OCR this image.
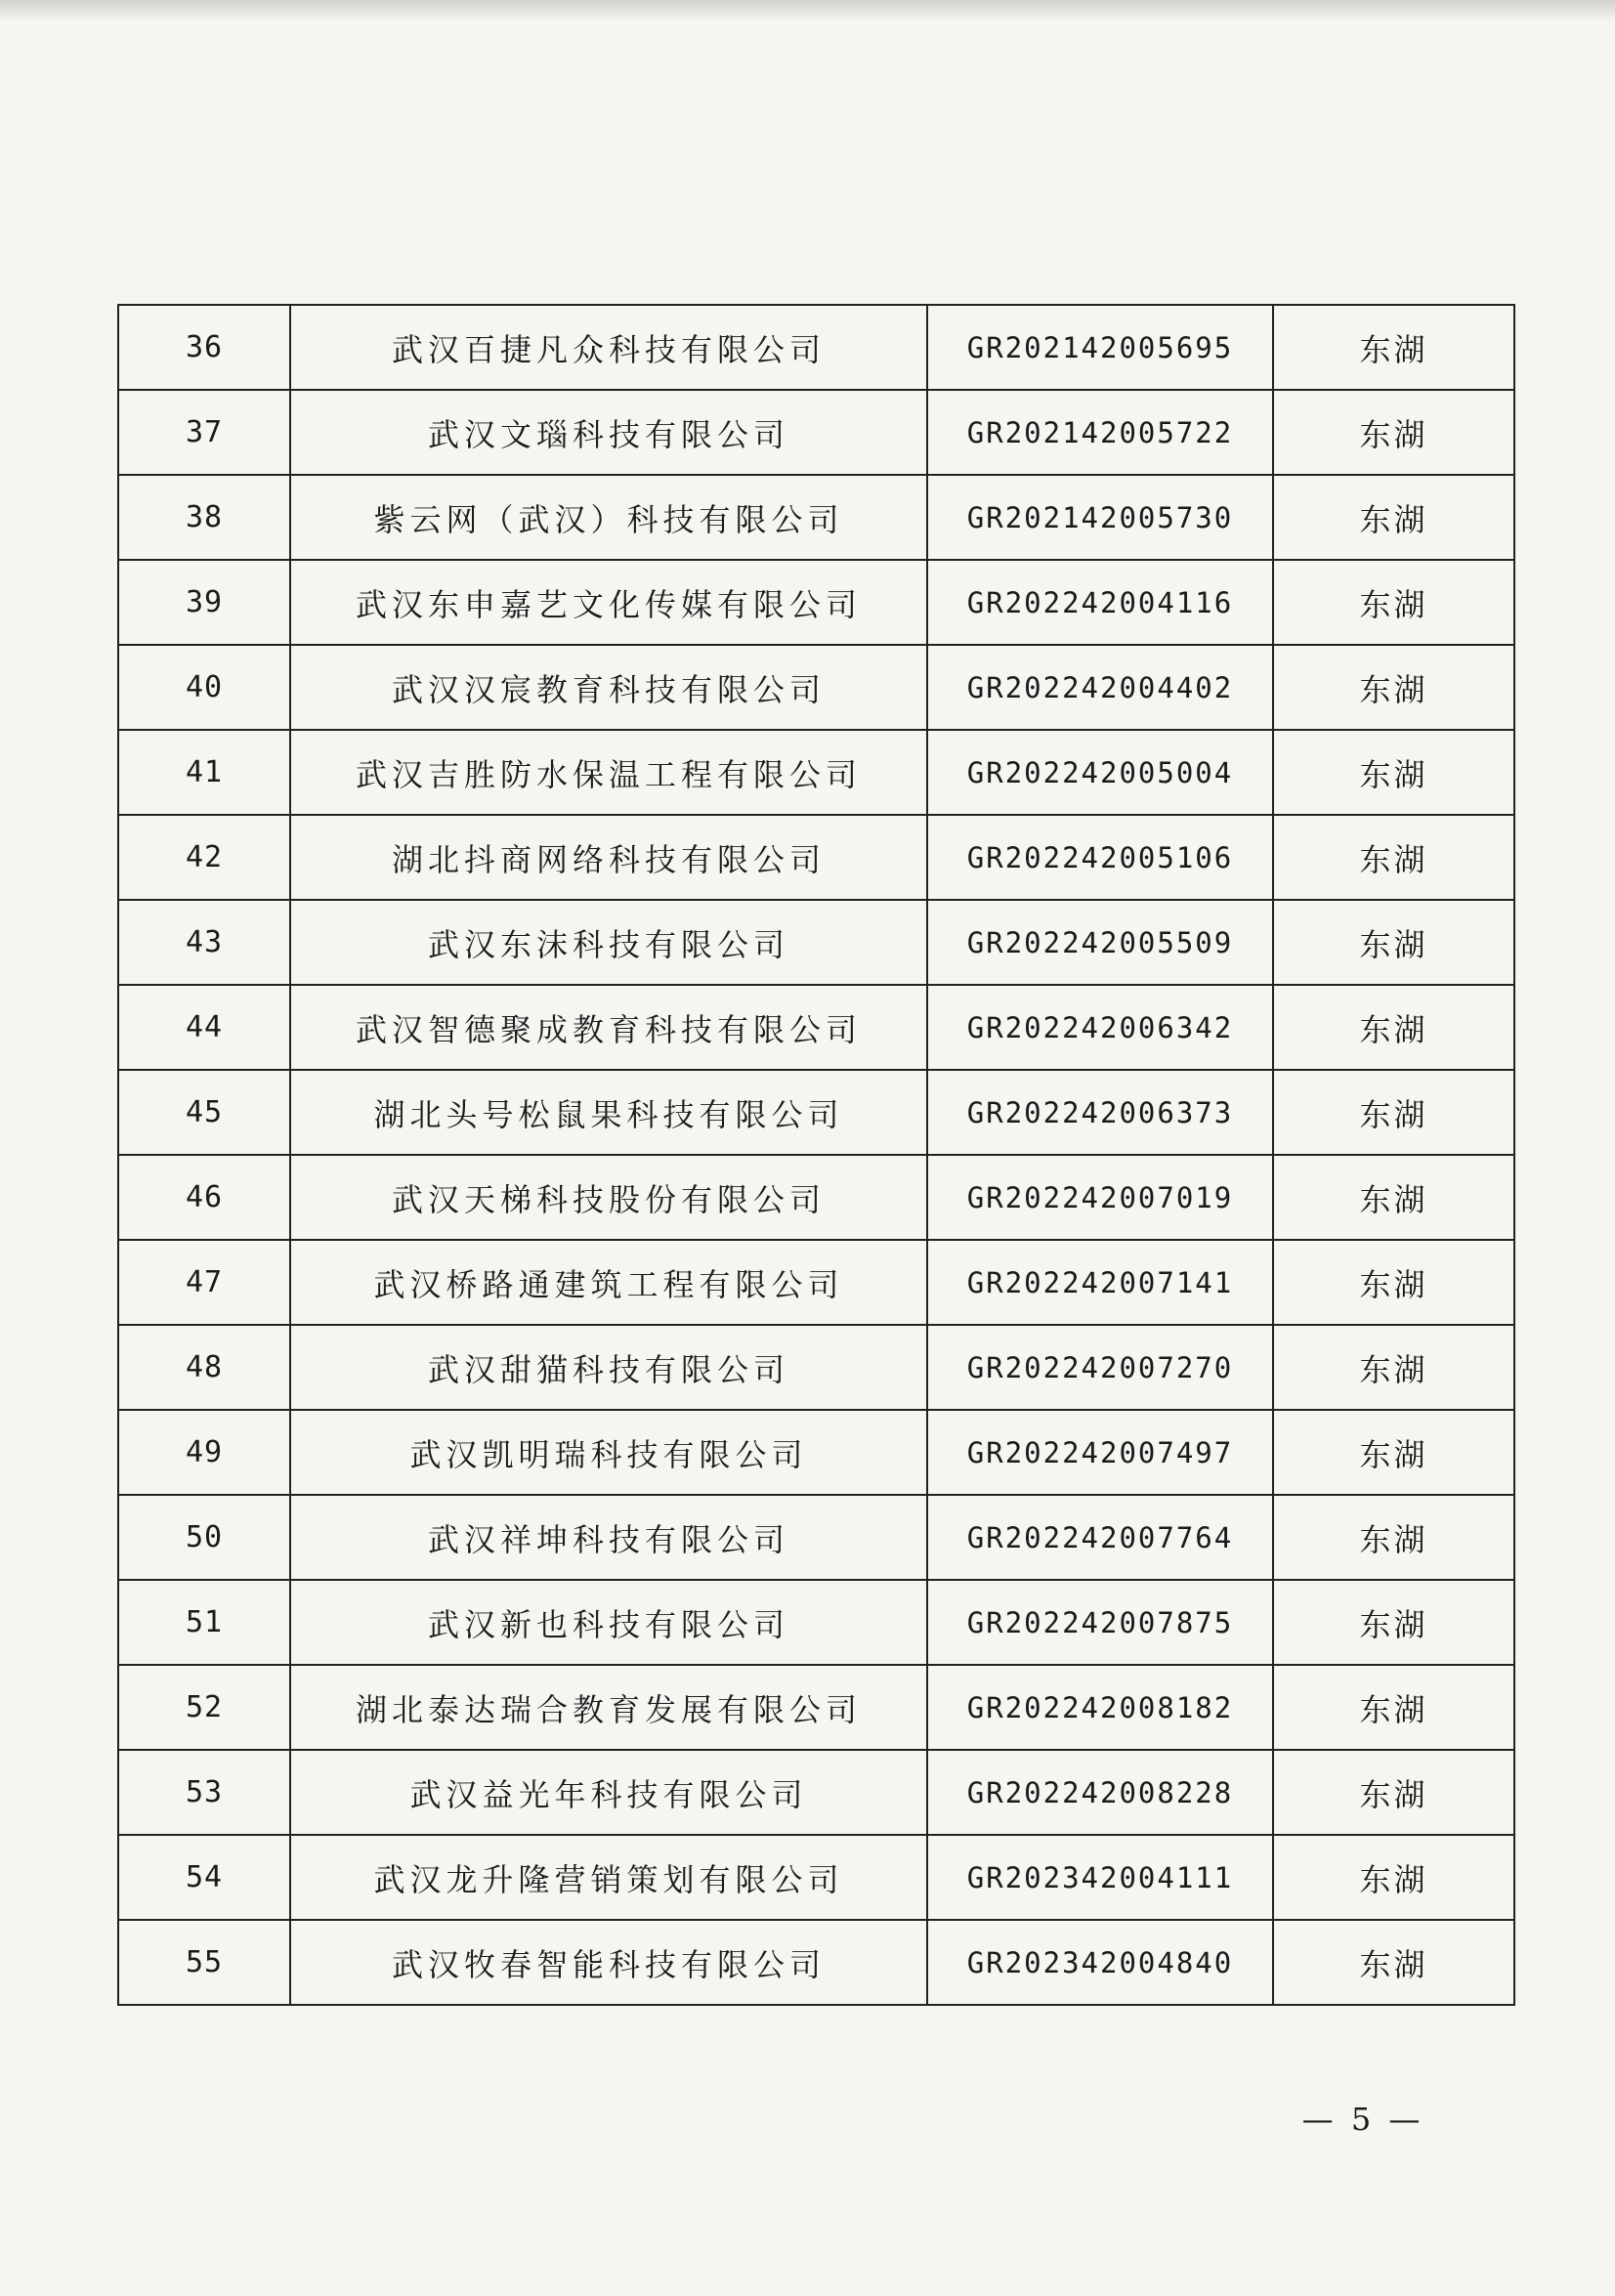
36	武汉百捷凡众科技有限公司	GR202142005695	东湖
37	武汉文瑙科技有限公司	GR202142005722	东湖
38	紫云网（武汉）科技有限公司	GR202142005730	东湖
39	武汉东申嘉艺文化传媒有限公司	GR202242004116	东湖
40	武汉汉宸教育科技有限公司	GR202242004402	东湖
41	武汉吉胜防水保温工程有限公司	GR202242005004	东湖
42	湖北抖商网络科技有限公司	GR202242005106	东湖
43	武汉东沫科技有限公司	GR202242005509	东湖
44	武汉智德聚成教育科技有限公司	GR202242006342	东湖
45	湖北头号松鼠果科技有限公司	GR202242006373	东湖
46	武汉天梯科技股份有限公司	GR202242007019	东湖
47	武汉桥路通建筑工程有限公司	GR202242007141	东湖
48	武汉甜猫科技有限公司	GR202242007270	东湖
49	武汉凯明瑞科技有限公司	GR202242007497	东湖
50	武汉祥坤科技有限公司	GR202242007764	东湖
51	武汉新也科技有限公司	GR202242007875	东湖
52	湖北泰达瑞合教育发展有限公司	GR202242008182	东湖
53	武汉益光年科技有限公司	GR202242008228	东湖
54	武汉龙升隆营销策划有限公司	GR202342004111	东湖
55	武汉牧春智能科技有限公司	GR202342004840	东湖
— 5 —
